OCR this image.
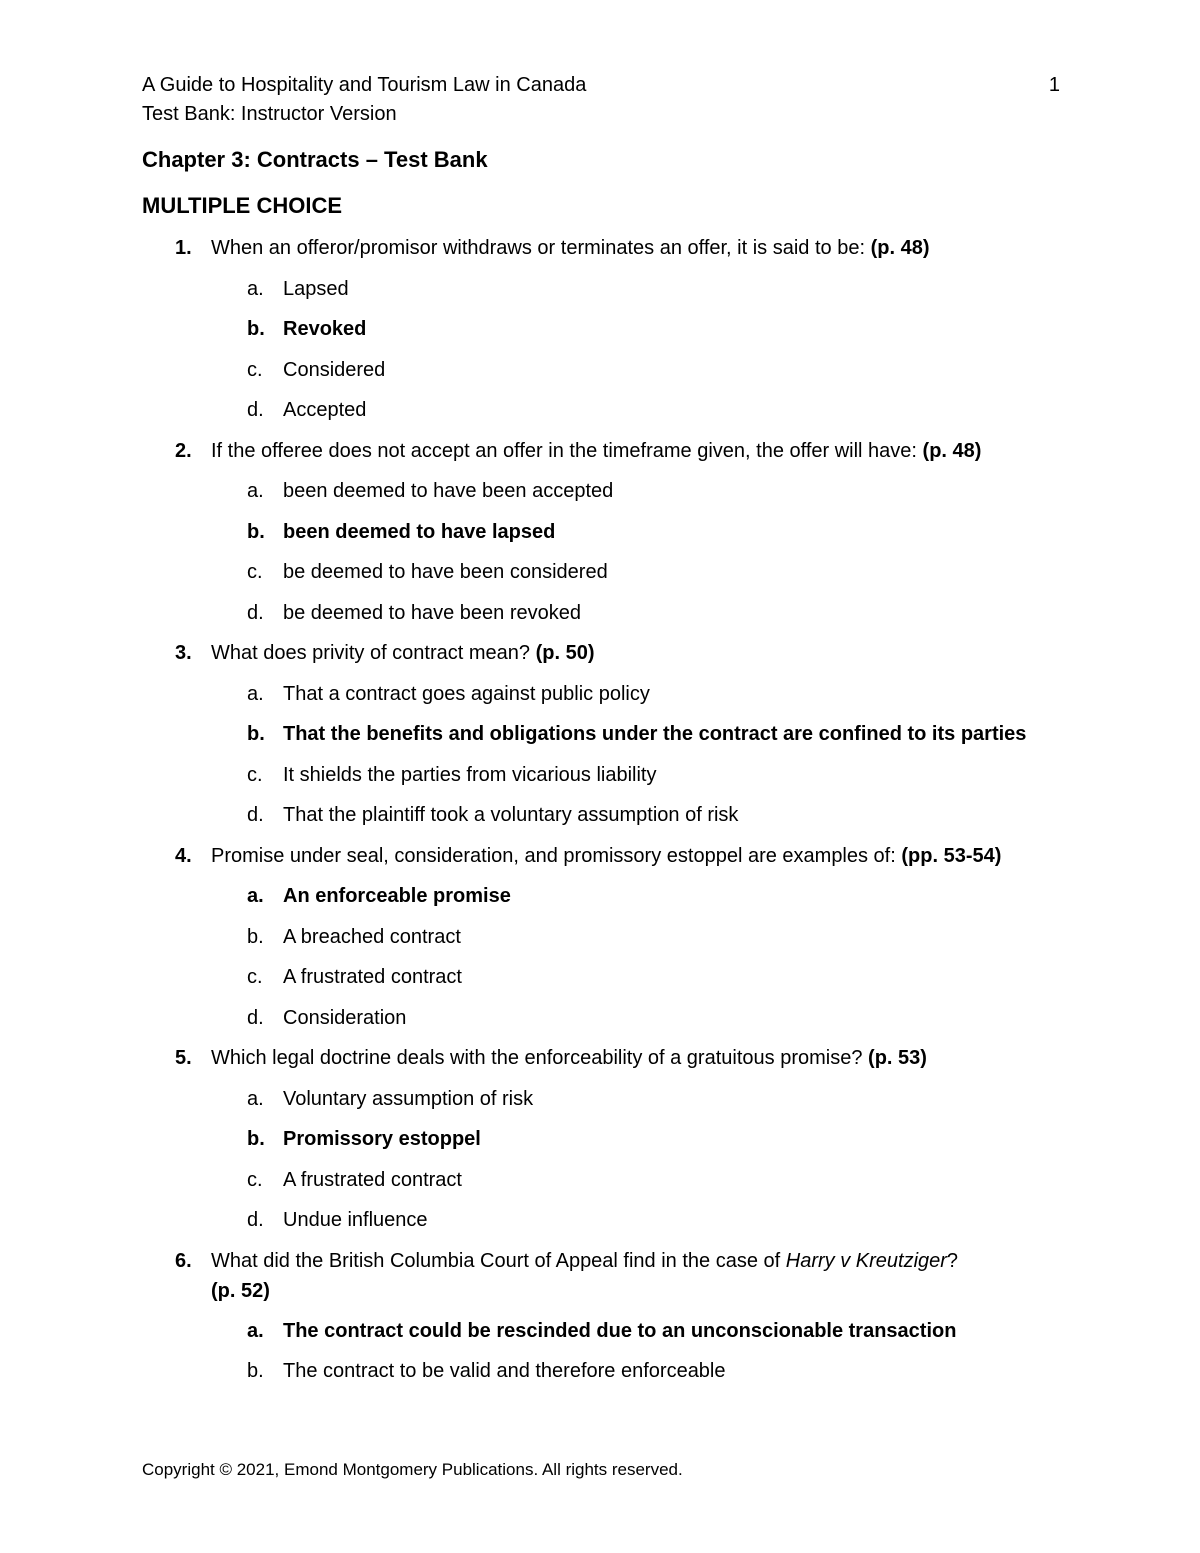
A Guide to Hospitality and Tourism Law in Canada	1
Test Bank: Instructor Version
Chapter 3: Contracts – Test Bank
MULTIPLE CHOICE
1. When an offeror/promisor withdraws or terminates an offer, it is said to be: (p. 48)
a. Lapsed
b. Revoked
c. Considered
d. Accepted
2. If the offeree does not accept an offer in the timeframe given, the offer will have: (p. 48)
a. been deemed to have been accepted
b. been deemed to have lapsed
c. be deemed to have been considered
d. be deemed to have been revoked
3. What does privity of contract mean? (p. 50)
a. That a contract goes against public policy
b. That the benefits and obligations under the contract are confined to its parties
c. It shields the parties from vicarious liability
d. That the plaintiff took a voluntary assumption of risk
4. Promise under seal, consideration, and promissory estoppel are examples of: (pp. 53-54)
a. An enforceable promise
b. A breached contract
c. A frustrated contract
d. Consideration
5. Which legal doctrine deals with the enforceability of a gratuitous promise? (p. 53)
a. Voluntary assumption of risk
b. Promissory estoppel
c. A frustrated contract
d. Undue influence
6. What did the British Columbia Court of Appeal find in the case of Harry v Kreutziger?
(p. 52)
a. The contract could be rescinded due to an unconscionable transaction
b. The contract to be valid and therefore enforceable
Copyright © 2021, Emond Montgomery Publications. All rights reserved.
